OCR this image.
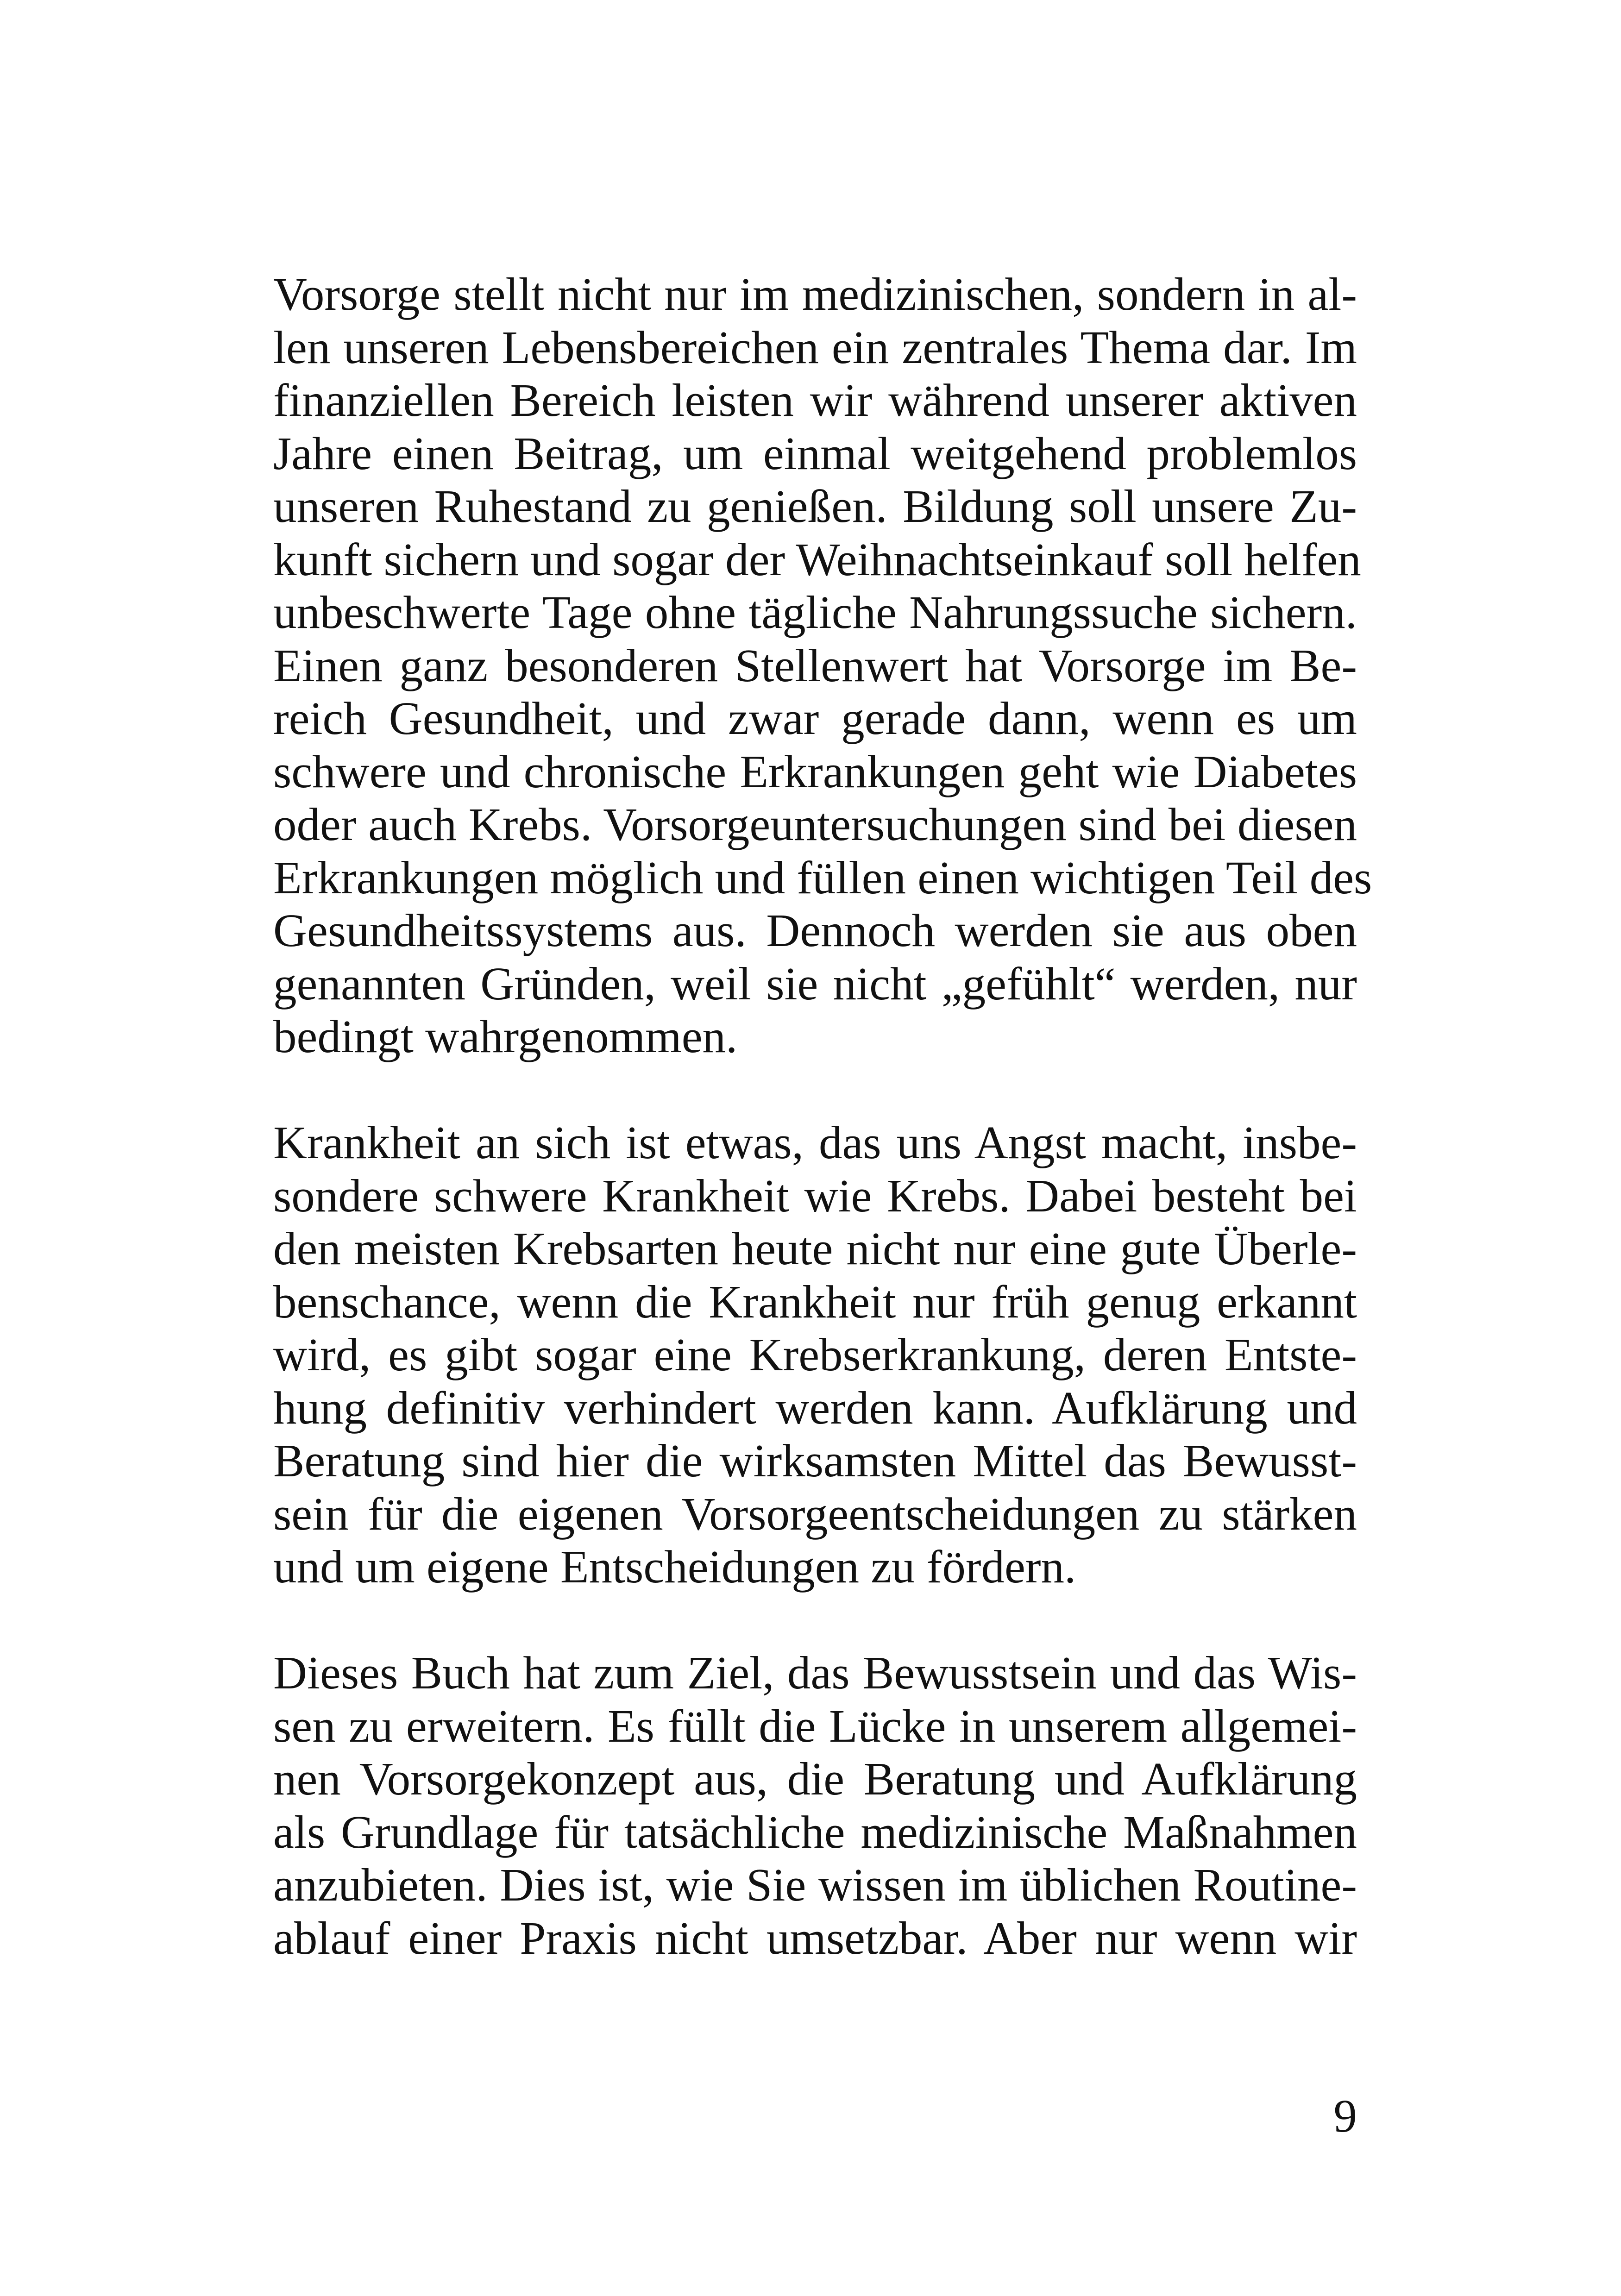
Vorsorge stellt nicht nur im medizinischen, sondern in al-
len unseren Lebensbereichen ein zentrales Thema dar. Im
finanziellen Bereich leisten wir während unserer aktiven
Jahre einen Beitrag, um einmal weitgehend problemlos
unseren Ruhestand zu genießen. Bildung soll unsere Zu-
kunft sichern und sogar der Weihnachtseinkauf soll helfen
unbeschwerte Tage ohne tägliche Nahrungssuche sichern.
Einen ganz besonderen Stellenwert hat Vorsorge im Be-
reich Gesundheit, und zwar gerade dann, wenn es um
schwere und chronische Erkrankungen geht wie Diabetes
oder auch Krebs. Vorsorgeuntersuchungen sind bei diesen
Erkrankungen möglich und füllen einen wichtigen Teil des
Gesundheitssystems aus. Dennoch werden sie aus oben
genannten Gründen, weil sie nicht „gefühlt“ werden, nur
bedingt wahrgenommen.
Krankheit an sich ist etwas, das uns Angst macht, insbe-
sondere schwere Krankheit wie Krebs. Dabei besteht bei
den meisten Krebsarten heute nicht nur eine gute Überle-
benschance, wenn die Krankheit nur früh genug erkannt
wird, es gibt sogar eine Krebserkrankung, deren Entste-
hung definitiv verhindert werden kann. Aufklärung und
Beratung sind hier die wirksamsten Mittel das Bewusst-
sein für die eigenen Vorsorgeentscheidungen zu stärken
und um eigene Entscheidungen zu fördern.
Dieses Buch hat zum Ziel, das Bewusstsein und das Wis-
sen zu erweitern. Es füllt die Lücke in unserem allgemei-
nen Vorsorgekonzept aus, die Beratung und Aufklärung
als Grundlage für tatsächliche medizinische Maßnahmen
anzubieten. Dies ist, wie Sie wissen im üblichen Routine-
ablauf einer Praxis nicht umsetzbar. Aber nur wenn wir
9
